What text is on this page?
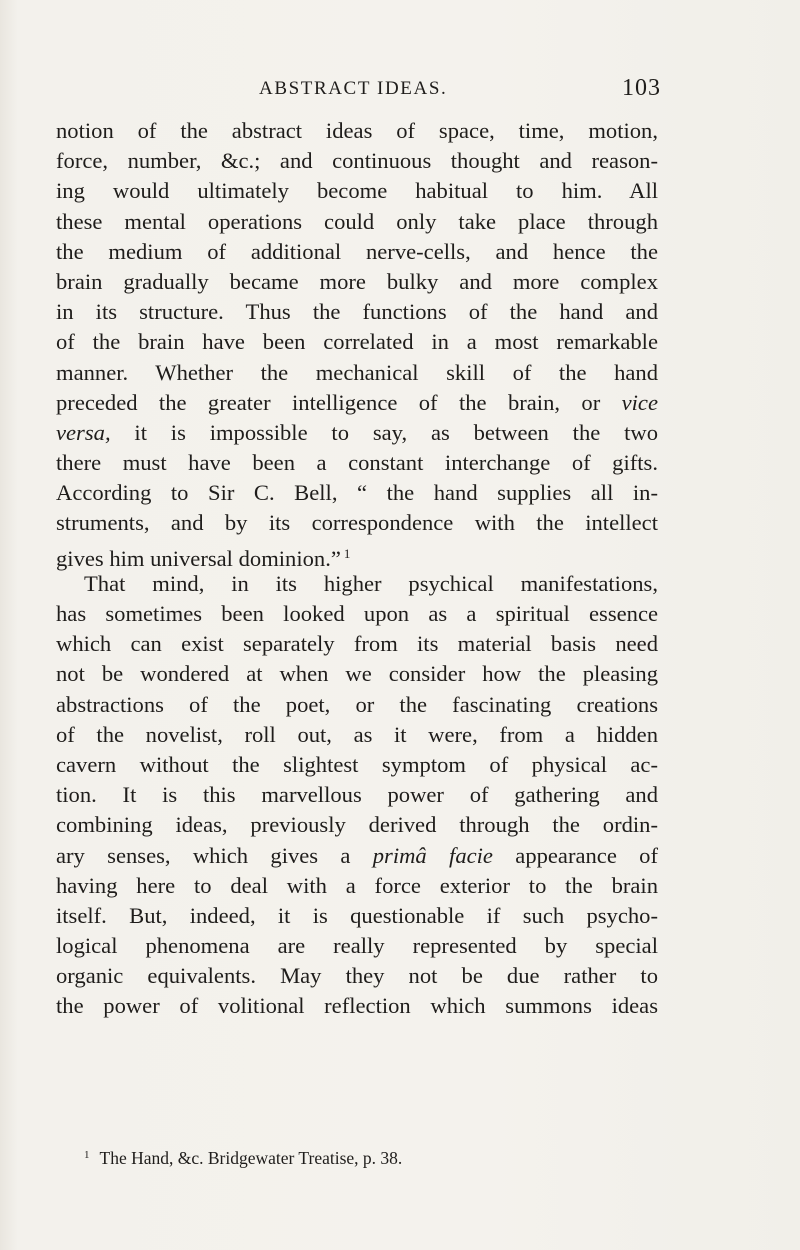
ABSTRACT IDEAS.	103
notion of the abstract ideas of space, time, motion,
force, number, &c.; and continuous thought and reason-
ing would ultimately become habitual to him. All
these mental operations could only take place through
the medium of additional nerve-cells, and hence the
brain gradually became more bulky and more complex
in its structure. Thus the functions of the hand and
of the brain have been correlated in a most remarkable
manner. Whether the mechanical skill of the hand
preceded the greater intelligence of the brain, or vice
versa, it is impossible to say, as between the two
there must have been a constant interchange of gifts.
According to Sir C. Bell, “ the hand supplies all in-
struments, and by its correspondence with the intellect
gives him universal dominion.” $^1$
That mind, in its higher psychical manifestations,
has sometimes been looked upon as a spiritual essence
which can exist separately from its material basis need
not be wondered at when we consider how the pleasing
abstractions of the poet, or the fascinating creations
of the novelist, roll out, as it were, from a hidden
cavern without the slightest symptom of physical ac-
tion. It is this marvellous power of gathering and
combining ideas, previously derived through the ordin-
ary senses, which gives a primâ facie appearance of
having here to deal with a force exterior to the brain
itself. But, indeed, it is questionable if such psycho-
logical phenomena are really represented by special
organic equivalents. May they not be due rather to
the power of volitional reflection which summons ideas
$^1$ The Hand, &c. Bridgewater Treatise, p. 38.
